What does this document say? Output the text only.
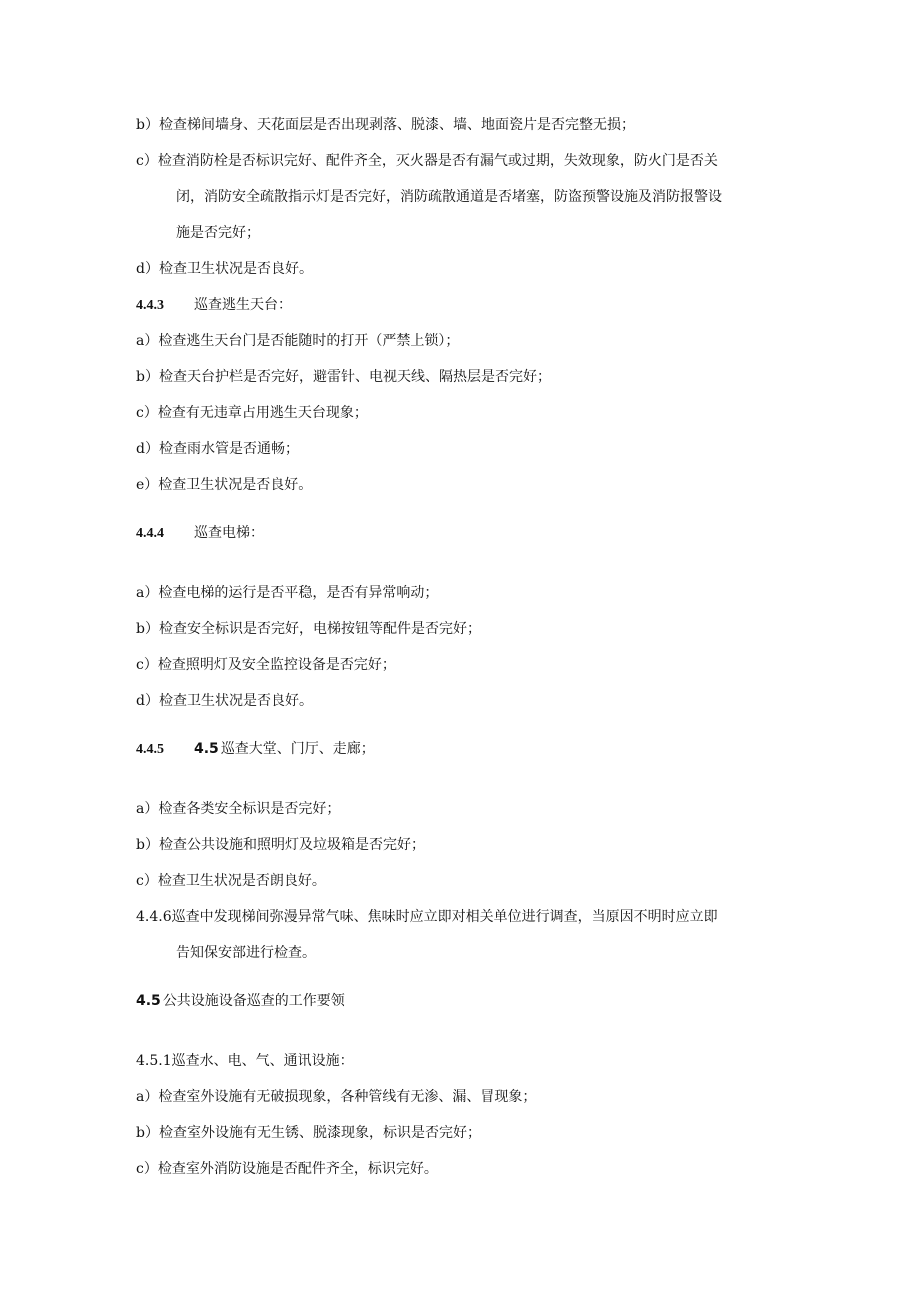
b）检查梯间墙身、天花面层是否出现剥落、脱漆、墙、地面瓷片是否完整无损；
c）检查消防栓是否标识完好、配件齐全，灭火器是否有漏气或过期，失效现象，防火门是否关
闭，消防安全疏散指示灯是否完好，消防疏散通道是否堵塞，防盗预警设施及消防报警设
施是否完好；
d）检查卫生状况是否良好。
4.4.3 巡查逃生天台：
a）检查逃生天台门是否能随时的打开（严禁上锁）；
b）检查天台护栏是否完好，避雷针、电视天线、隔热层是否完好；
c）检查有无违章占用逃生天台现象；
d）检查雨水管是否通畅；
e）检查卫生状况是否良好。
4.4.4 巡查电梯：
a）检查电梯的运行是否平稳，是否有异常响动；
b）检查安全标识是否完好，电梯按钮等配件是否完好；
c）检查照明灯及安全监控设备是否完好；
d）检查卫生状况是否良好。
4.4.5 4.5 巡查大堂、门厅、走廊；
a）检查各类安全标识是否完好；
b）检查公共设施和照明灯及垃圾箱是否完好；
c）检查卫生状况是否朗良好。
4.4.6巡查中发现梯间弥漫异常气味、焦味时应立即对相关单位进行调查，当原因不明时应立即
告知保安部进行检查。
4.5 公共设施设备巡查的工作要领
4.5.1巡查水、电、气、通讯设施：
a）检查室外设施有无破损现象，各种管线有无渗、漏、冒现象；
b）检查室外设施有无生锈、脱漆现象，标识是否完好；
c）检查室外消防设施是否配件齐全，标识完好。
